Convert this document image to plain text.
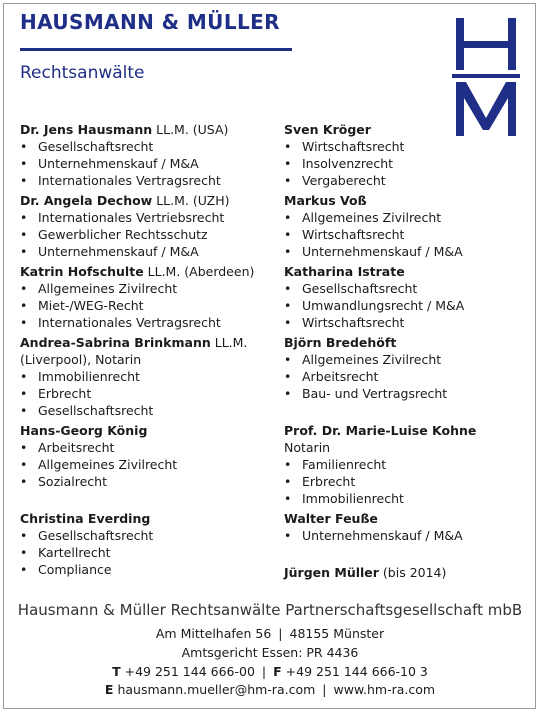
HAUSMANN & MÜLLER
Rechtsanwälte
Dr. Jens Hausmann LL.M. (USA)
• Gesellschaftsrecht
• Unternehmenskauf / M&A
• Internationales Vertragsrecht
Dr. Angela Dechow LL.M. (UZH)
• Internationales Vertriebsrecht
• Gewerblicher Rechtsschutz
• Unternehmenskauf / M&A
Katrin Hofschulte LL.M. (Aberdeen)
• Allgemeines Zivilrecht
• Miet-/WEG-Recht
• Internationales Vertragsrecht
Andrea-Sabrina Brinkmann LL.M.
(Liverpool), Notarin
• Immobilienrecht
• Erbrecht
• Gesellschaftsrecht
Hans-Georg König
• Arbeitsrecht
• Allgemeines Zivilrecht
• Sozialrecht
Christina Everding
• Gesellschaftsrecht
• Kartellrecht
• Compliance
Sven Kröger
• Wirtschaftsrecht
• Insolvenzrecht
• Vergaberecht
Markus Voß
• Allgemeines Zivilrecht
• Wirtschaftsrecht
• Unternehmenskauf / M&A
Katharina Istrate
• Gesellschaftsrecht
• Umwandlungsrecht / M&A
• Wirtschaftsrecht
Björn Bredehöft
• Allgemeines Zivilrecht
• Arbeitsrecht
• Bau- und Vertragsrecht
Prof. Dr. Marie-Luise Kohne
Notarin
• Familienrecht
• Erbrecht
• Immobilienrecht
Walter Feuße
• Unternehmenskauf / M&A
Jürgen Müller (bis 2014)
Hausmann & Müller Rechtsanwälte Partnerschaftsgesellschaft mbB
Am Mittelhafen 56 | 48155 Münster
Amtsgericht Essen: PR 4436
T +49 251 144 666-00 | F +49 251 144 666-10 3
E hausmann.mueller@hm-ra.com | www.hm-ra.com
